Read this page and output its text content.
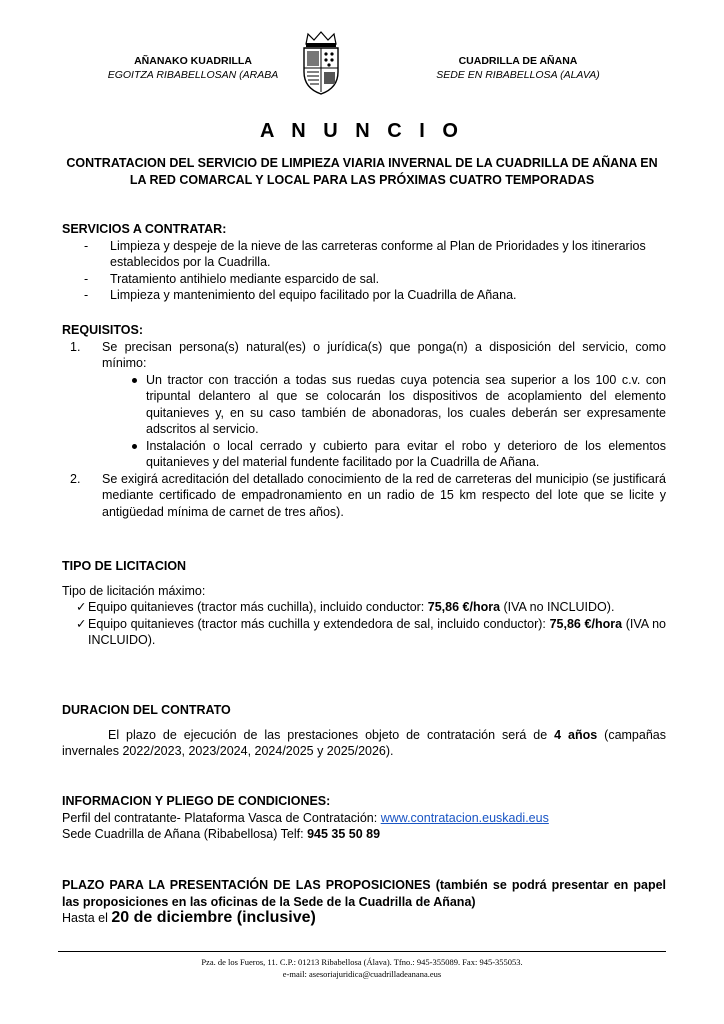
AÑANAKO KUADRILLA
EGOITZA RIBABELLOSAN (ARABA
CUADRILLA DE AÑANA
SEDE EN RIBABELLOSA (ALAVA)
A N U N C I O
CONTRATACION DEL SERVICIO DE LIMPIEZA VIARIA INVERNAL DE LA CUADRILLA DE AÑANA EN LA RED COMARCAL Y LOCAL PARA LAS PRÓXIMAS CUATRO TEMPORADAS
SERVICIOS A CONTRATAR:
- Limpieza y despeje de la nieve de las carreteras conforme al Plan de Prioridades y los itinerarios establecidos por la Cuadrilla.
- Tratamiento antihielo mediante esparcido de sal.
- Limpieza y mantenimiento del equipo facilitado por la Cuadrilla de Añana.
REQUISITOS:
1.	Se precisan persona(s) natural(es) o jurídica(s) que ponga(n) a disposición del servicio, como mínimo:
Un tractor con tracción a todas sus ruedas cuya potencia sea superior a los 100 c.v. con tripuntal delantero al que se colocarán los dispositivos de acoplamiento del elemento quitanieves y, en su caso también de abonadoras, los cuales deberán ser expresamente adscritos al servicio.
Instalación o local cerrado y cubierto para evitar el robo y deterioro de los elementos quitanieves y del material fundente facilitado por la Cuadrilla de Añana.
2.	Se exigirá acreditación del detallado conocimiento de la red de carreteras del municipio (se justificará mediante certificado de empadronamiento en un radio de 15 km respecto del lote que se licite y antigüedad mínima de carnet de tres años).
TIPO DE LICITACION
Tipo de licitación máximo:
✓ Equipo quitanieves (tractor más cuchilla), incluido conductor: 75,86 €/hora (IVA no INCLUIDO).
✓ Equipo quitanieves (tractor más cuchilla y extendedora de sal, incluido conductor): 75,86 €/hora (IVA no INCLUIDO).
DURACION DEL CONTRATO
El plazo de ejecución de las prestaciones objeto de contratación será de 4 años (campañas invernales 2022/2023, 2023/2024, 2024/2025 y 2025/2026).
INFORMACION Y PLIEGO DE CONDICIONES:
Perfil del contratante- Plataforma Vasca de Contratación: www.contratacion.euskadi.eus
Sede Cuadrilla de Añana (Ribabellosa) Telf: 945 35 50 89
PLAZO PARA LA PRESENTACIÓN DE LAS PROPOSICIONES (también se podrá presentar en papel las proposiciones en las oficinas de la Sede de la Cuadrilla de Añana)
Hasta el 20 de diciembre (inclusive)
Pza. de los Fueros, 11. C.P.: 01213 Ribabellosa (Álava). Tfno.: 945-355089. Fax: 945-355053.
e-mail: asesoriajuridica@cuadrilladeanana.eus
